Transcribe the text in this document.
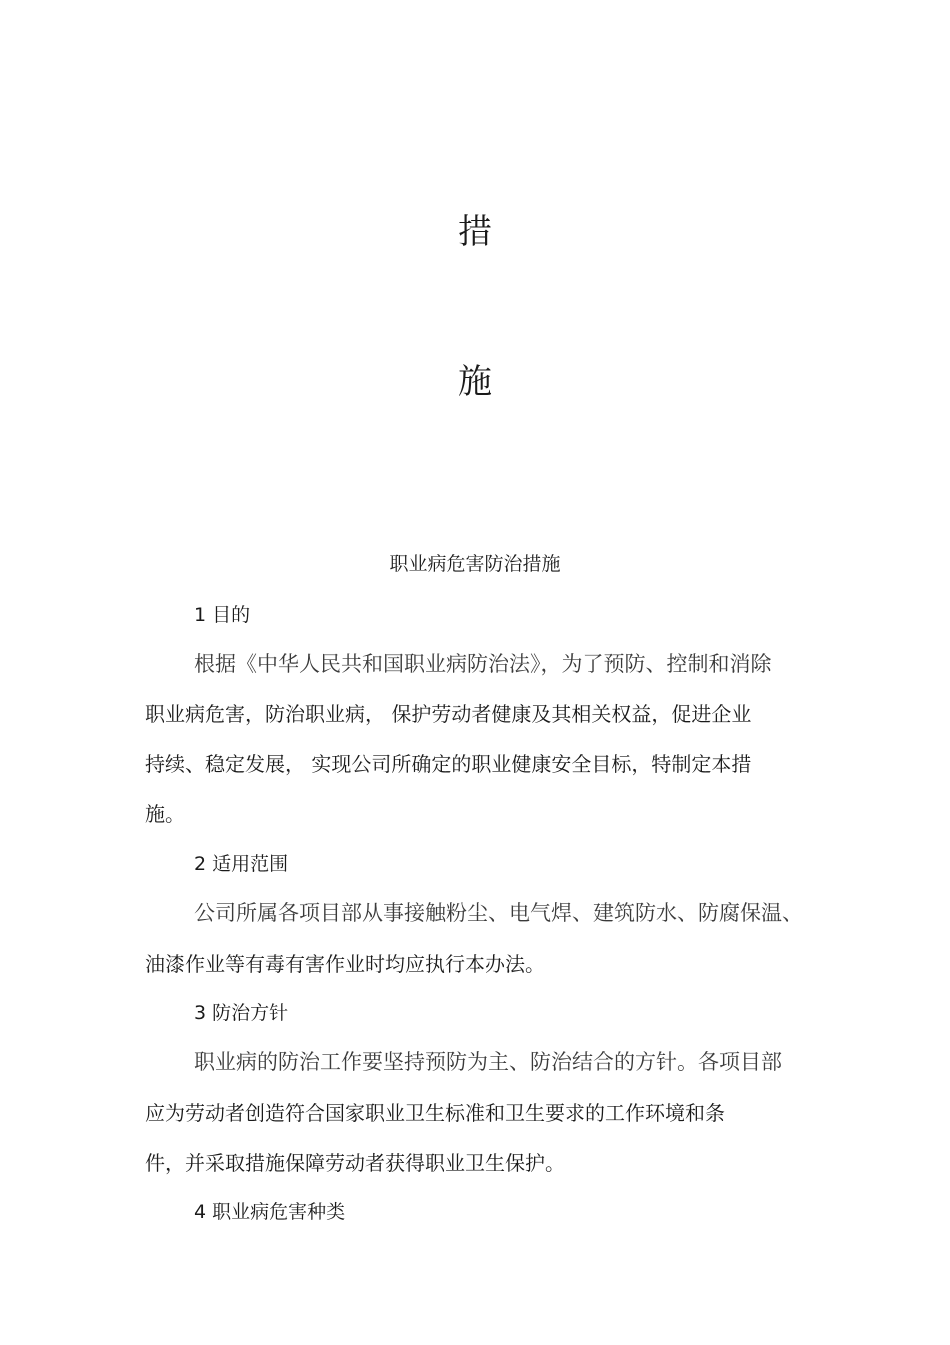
措
施
职业病危害防治措施
1 目的
根据《中华人民共和国职业病防治法》，为了预防、控制和消除
职业病危害，防治职业病， 保护劳动者健康及其相关权益，促进企业
持续、稳定发展， 实现公司所确定的职业健康安全目标，特制定本措
施。
2 适用范围
公司所属各项目部从事接触粉尘、电气焊、建筑防水、防腐保温、
油漆作业等有毒有害作业时均应执行本办法。
3 防治方针
职业病的防治工作要坚持预防为主、防治结合的方针。各项目部
应为劳动者创造符合国家职业卫生标准和卫生要求的工作环境和条
件，并采取措施保障劳动者获得职业卫生保护。
4 职业病危害种类
